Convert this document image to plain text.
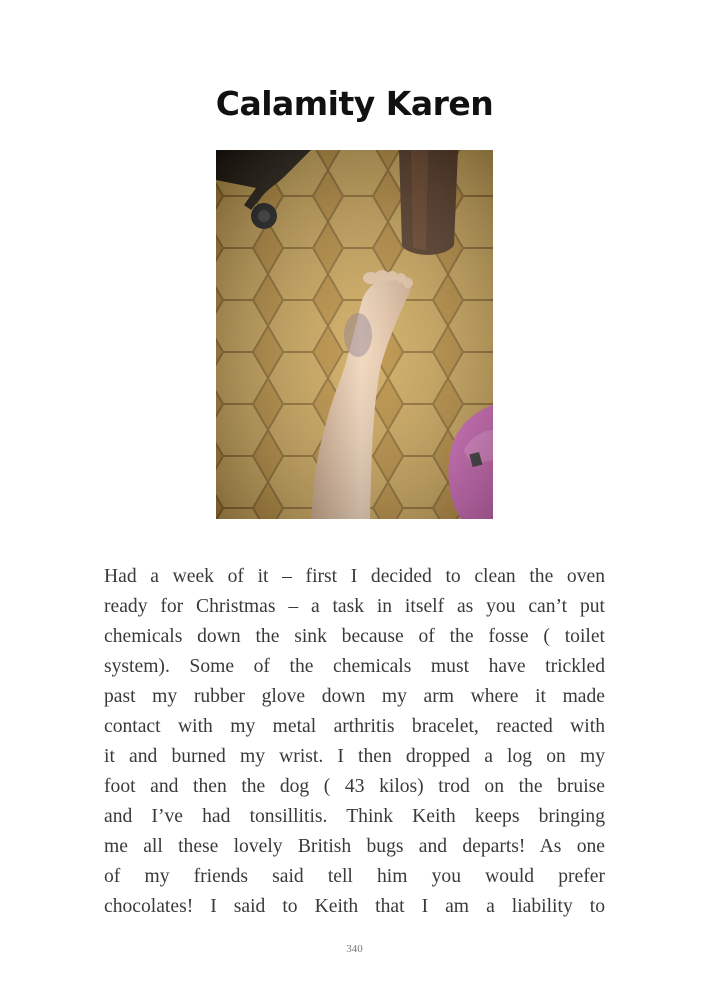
Calamity Karen
Had a week of it – first I decided to clean the oven
ready for Christmas – a task in itself as you can’t put
chemicals down the sink because of the fosse ( toilet
system). Some of the chemicals must have trickled
past my rubber glove down my arm where it made
contact with my metal arthritis bracelet, reacted with
it and burned my wrist. I then dropped a log on my
foot and then the dog ( 43 kilos) trod on the bruise
and I’ve had tonsillitis. Think Keith keeps bringing
me all these lovely British bugs and departs! As one
of my friends said tell him you would prefer
chocolates! I said to Keith that I am a liability to
340
